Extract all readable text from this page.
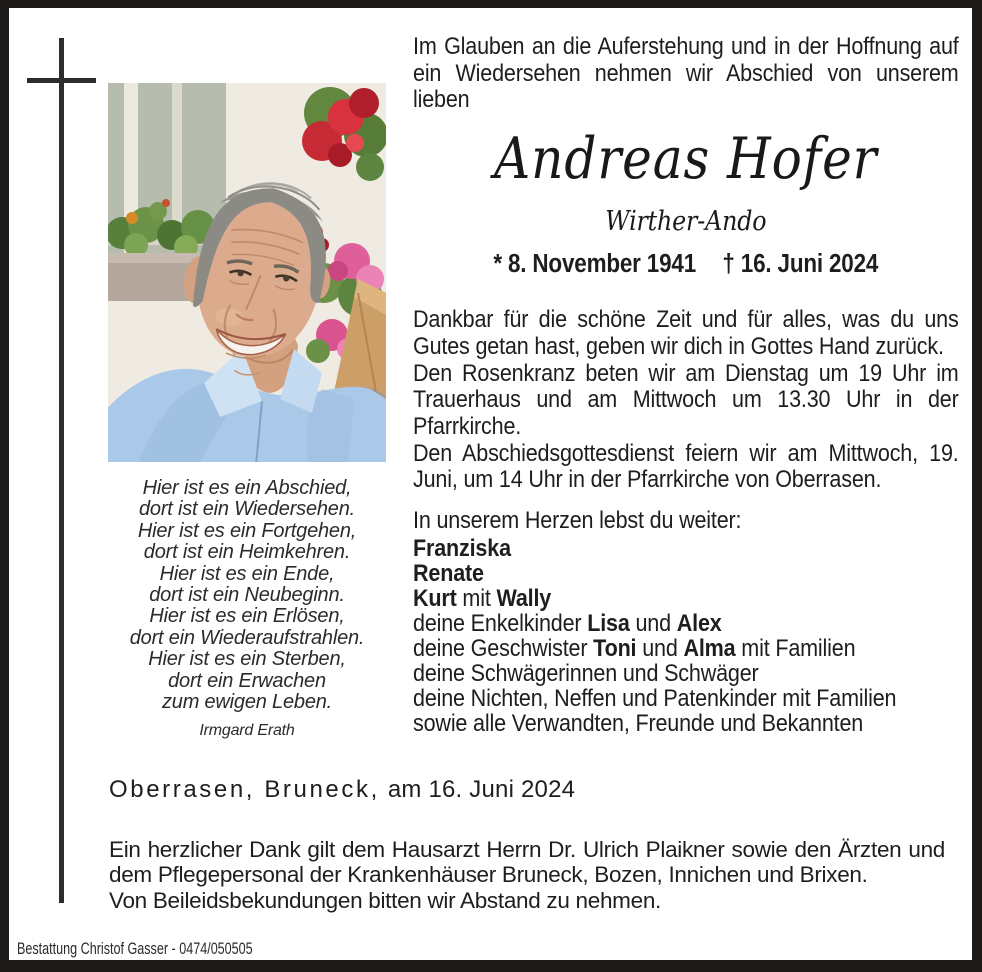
Hier ist es ein Abschied,
dort ist ein Wiedersehen.
Hier ist es ein Fortgehen,
dort ist ein Heimkehren.
Hier ist es ein Ende,
dort ist ein Neubeginn.
Hier ist es ein Erlösen,
dort ein Wiederaufstrahlen.
Hier ist es ein Sterben,
dort ein Erwachen
zum ewigen Leben.
Irmgard Erath
Im Glauben an die Auferstehung und in der Hoffnung auf ein Wiedersehen nehmen wir Abschied von unserem lieben
Andreas Hofer
Wirther-Ando
* 8. November 1941 † 16. Juni 2024
Dankbar für die schöne Zeit und für alles, was du uns Gutes getan hast, geben wir dich in Gottes Hand zurück.
Den Rosenkranz beten wir am Dienstag um 19 Uhr im Trauerhaus und am Mittwoch um 13.30 Uhr in der Pfarrkirche.
Den Abschiedsgottesdienst feiern wir am Mittwoch, 19. Juni, um 14 Uhr in der Pfarrkirche von Oberrasen.
In unserem Herzen lebst du weiter:
Franziska
Renate
Kurt mit Wally
deine Enkelkinder Lisa und Alex
deine Geschwister Toni und Alma mit Familien
deine Schwägerinnen und Schwäger
deine Nichten, Neffen und Patenkinder mit Familien
sowie alle Verwandten, Freunde und Bekannten
Oberrasen, Bruneck, am 16. Juni 2024
Ein herzlicher Dank gilt dem Hausarzt Herrn Dr. Ulrich Plaikner sowie den Ärzten und dem Pflegepersonal der Krankenhäuser Bruneck, Bozen, Innichen und Brixen.
Von Beileidsbekundungen bitten wir Abstand zu nehmen.
Bestattung Christof Gasser - 0474/050505
